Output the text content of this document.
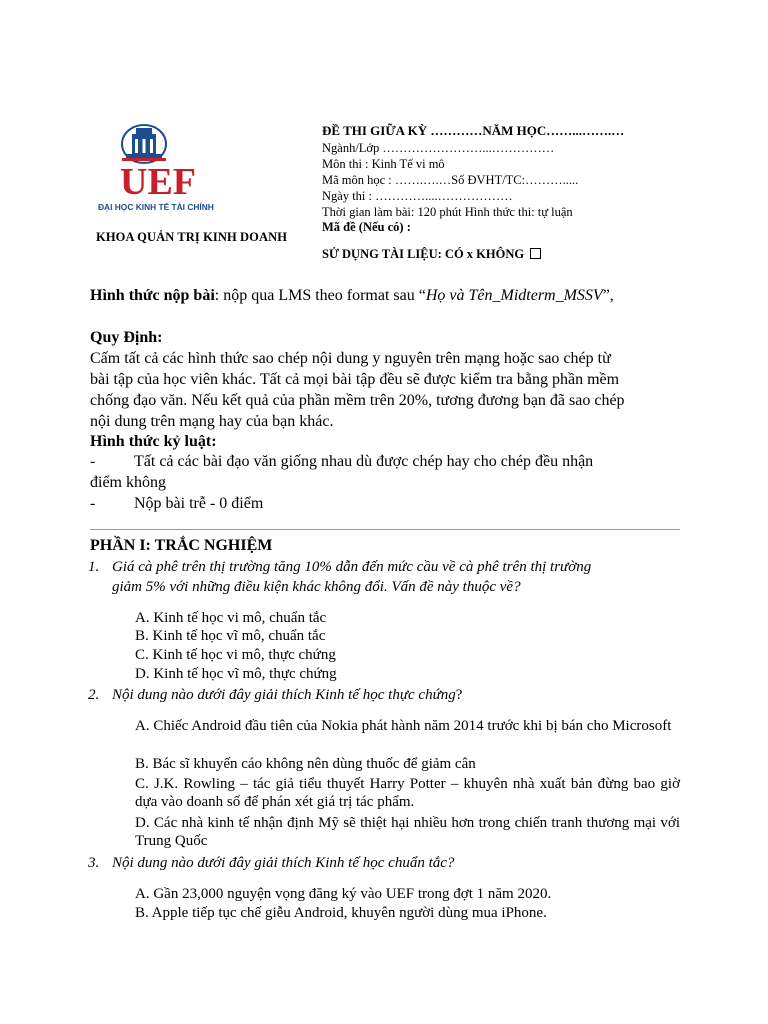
UEF
ĐẠI HỌC KINH TẾ TÀI CHÍNH
KHOA QUẢN TRỊ KINH DOANH
ĐỀ THI GIỮA KỲ …………NĂM HỌC……...…….…
Ngành/Lớp ……………………...……………
Môn thi : Kinh Tế vi mô
Mã môn học : …….….…Số ĐVHT/TC:……….....
Ngày thi : …………....………………
Thời gian làm bài: 120 phút Hình thức thi: tự luận
Mã đề (Nếu có) :
SỬ DỤNG TÀI LIỆU: CÓ x KHÔNG
Hình thức nộp bài: nộp qua LMS theo format sau “Họ và Tên_Midterm_MSSV”,
Quy Định:
Cấm tất cả các hình thức sao chép nội dung y nguyên trên mạng hoặc sao chép từ
bài tập của học viên khác. Tất cả mọi bài tập đều sẽ được kiểm tra bằng phần mềm
chống đạo văn. Nếu kết quả của phần mềm trên 20%, tương đương bạn đã sao chép
nội dung trên mạng hay của bạn khác.
Hình thức kỷ luật:
- Tất cả các bài đạo văn giống nhau dù được chép hay cho chép đều nhận
điểm không
- Nộp bài trễ - 0 điểm
PHẦN I: TRẮC NGHIỆM
1. Giá cà phê trên thị trường tăng 10% dẫn đến mức cầu về cà phê trên thị trường
giảm 5% với những điều kiện khác không đổi. Vấn đề này thuộc về?
A. Kinh tế học vi mô, chuẩn tắc
B. Kinh tế học vĩ mô, chuẩn tắc
C. Kinh tế học vi mô, thực chứng
D. Kinh tế học vĩ mô, thực chứng
2. Nội dung nào dưới đây giải thích Kinh tế học thực chứng?
A. Chiếc Android đầu tiên của Nokia phát hành năm 2014 trước khi bị bán cho Microsoft
B. Bác sĩ khuyến cáo không nên dùng thuốc để giảm cân
C. J.K. Rowling – tác giả tiểu thuyết Harry Potter – khuyên nhà xuất bản đừng bao giờ dựa vào doanh số để phán xét giá trị tác phẩm.
D. Các nhà kinh tế nhận định Mỹ sẽ thiệt hại nhiều hơn trong chiến tranh thương mại với Trung Quốc
3. Nội dung nào dưới đây giải thích Kinh tế học chuẩn tắc?
A. Gần 23,000 nguyện vọng đăng ký vào UEF trong đợt 1 năm 2020.
B. Apple tiếp tục chế giễu Android, khuyên người dùng mua iPhone.
